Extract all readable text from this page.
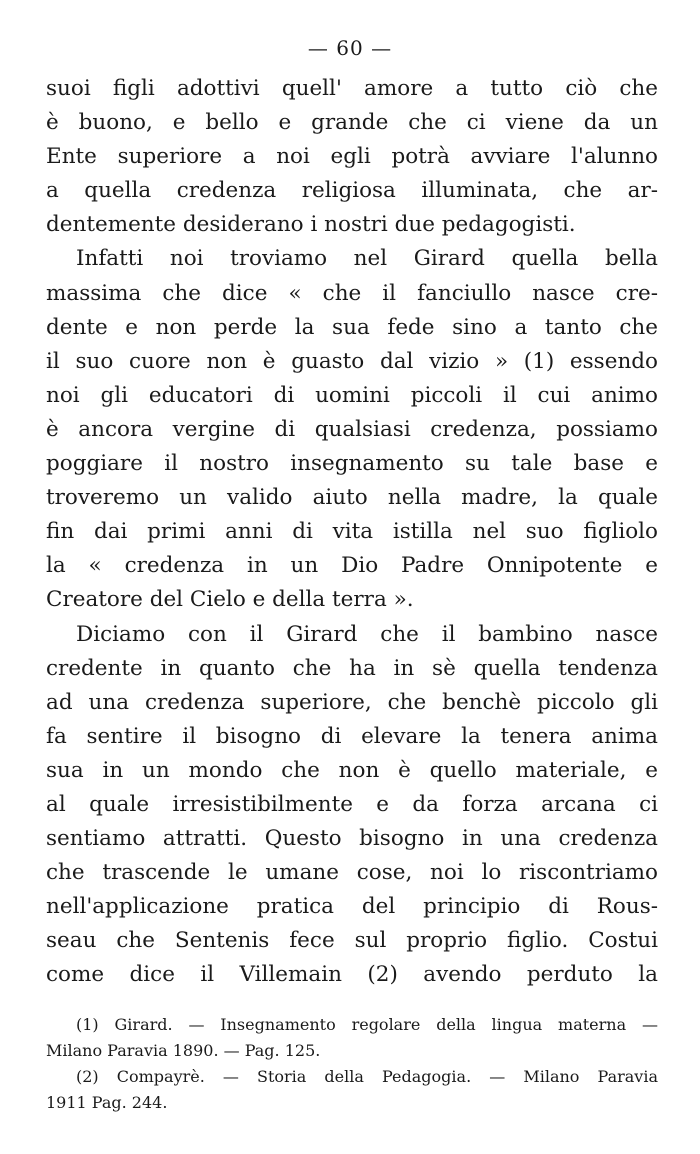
— 60 —
suoi figli adottivi quell' amore a tutto ciò che
è buono, e bello e grande che ci viene da un
Ente superiore a noi egli potrà avviare l'alunno
a quella credenza religiosa illuminata, che ar-
dentemente desiderano i nostri due pedagogisti.
Infatti noi troviamo nel Girard quella bella
massima che dice « che il fanciullo nasce cre-
dente e non perde la sua fede sino a tanto che
il suo cuore non è guasto dal vizio » (1) essendo
noi gli educatori di uomini piccoli il cui animo
è ancora vergine di qualsiasi credenza, possiamo
poggiare il nostro insegnamento su tale base e
troveremo un valido aiuto nella madre, la quale
fin dai primi anni di vita istilla nel suo figliolo
la « credenza in un Dio Padre Onnipotente e
Creatore del Cielo e della terra ».
Diciamo con il Girard che il bambino nasce
credente in quanto che ha in sè quella tendenza
ad una credenza superiore, che benchè piccolo gli
fa sentire il bisogno di elevare la tenera anima
sua in un mondo che non è quello materiale, e
al quale irresistibilmente e da forza arcana ci
sentiamo attratti. Questo bisogno in una credenza
che trascende le umane cose, noi lo riscontriamo
nell'applicazione pratica del principio di Rous-
seau che Sentenis fece sul proprio figlio. Costui
come dice il Villemain (2) avendo perduto la
(1) Girard. — Insegnamento regolare della lingua materna —
Milano Paravia 1890. — Pag. 125.
(2) Compayrè. — Storia della Pedagogia. — Milano Paravia
1911 Pag. 244.
